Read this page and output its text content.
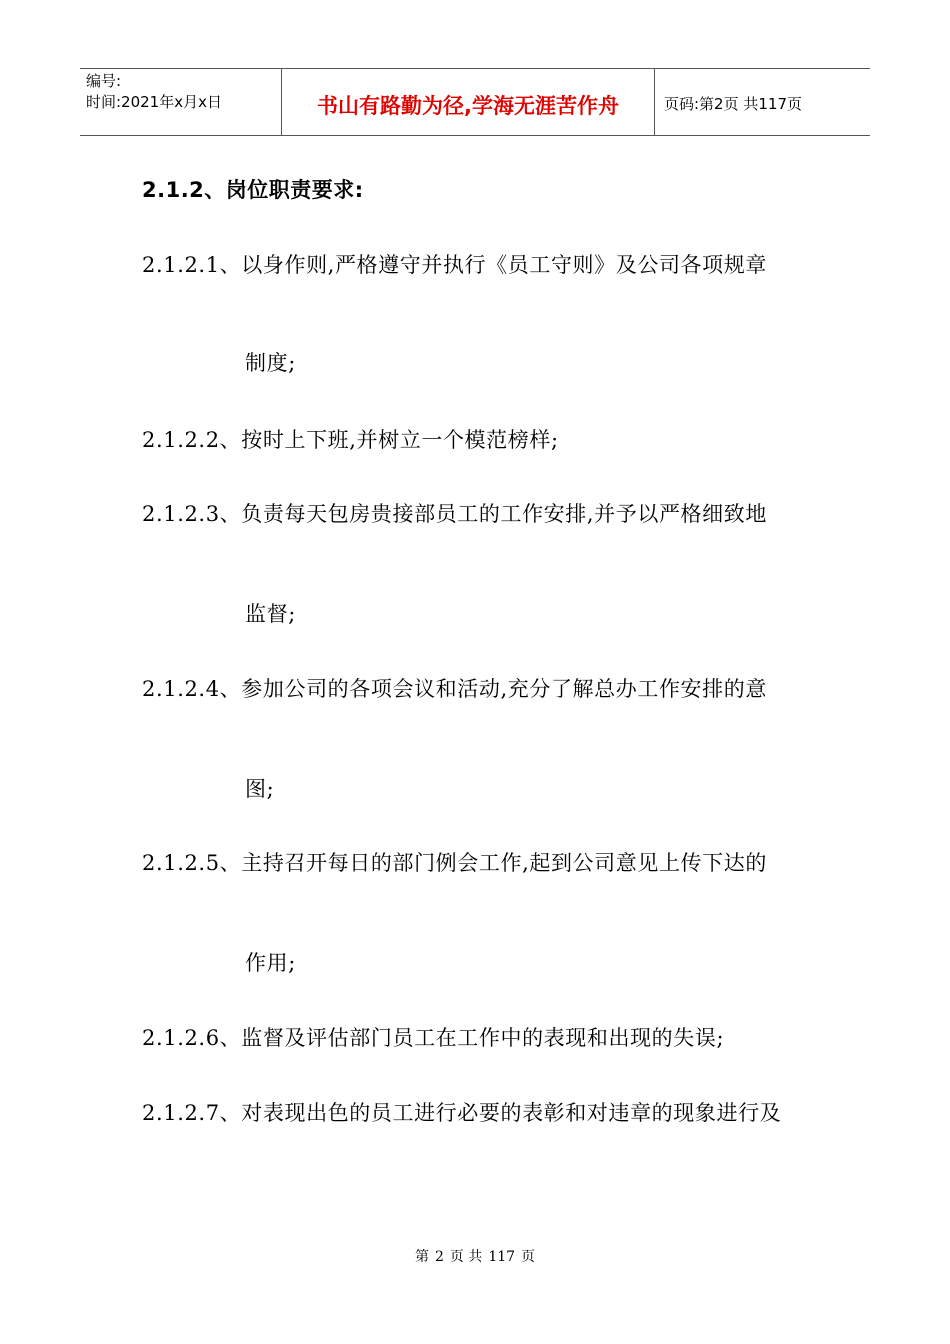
编号:
时间:2021年x月x日	书山有路勤为径,学海无涯苦作舟	页码:第2页 共117页
2.1.2、岗位职责要求:
2.1.2.1、以身作则,严格遵守并执行《员工守则》及公司各项规章
制度;
2.1.2.2、按时上下班,并树立一个模范榜样;
2.1.2.3、负责每天包房贵接部员工的工作安排,并予以严格细致地
监督;
2.1.2.4、参加公司的各项会议和活动,充分了解总办工作安排的意
图;
2.1.2.5、主持召开每日的部门例会工作,起到公司意见上传下达的
作用;
2.1.2.6、监督及评估部门员工在工作中的表现和出现的失误;
2.1.2.7、对表现出色的员工进行必要的表彰和对违章的现象进行及
第 2 页 共 117 页
